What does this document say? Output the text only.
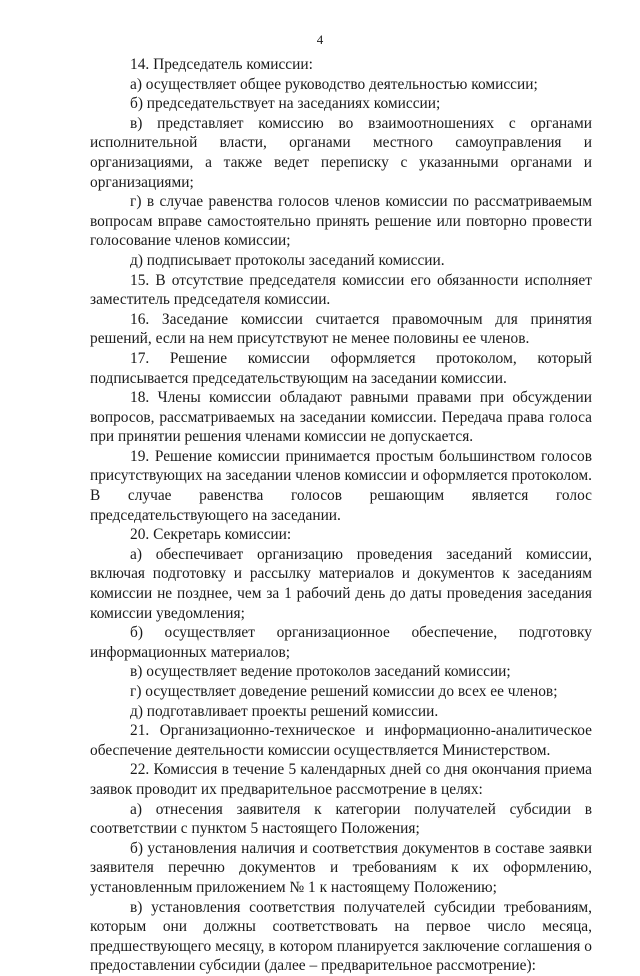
4

14. Председатель комиссии:

а) осуществляет общее руководство деятельностью комиссии;

б) председательствует на заседаниях комиссии;

в) представляет комиссию во взаимоотношениях с органами исполнительной власти, органами местного самоуправления и организациями, а также ведет переписку с указанными органами и организациями;

г) в случае равенства голосов членов комиссии по рассматриваемым вопросам вправе самостоятельно принять решение или повторно провести голосование членов комиссии;

д) подписывает протоколы заседаний комиссии.

15. В отсутствие председателя комиссии его обязанности исполняет заместитель председателя комиссии.

16. Заседание комиссии считается правомочным для принятия решений, если на нем присутствуют не менее половины ее членов.

17. Решение комиссии оформляется протоколом, который подписывается председательствующим на заседании комиссии.

18. Члены комиссии обладают равными правами при обсуждении вопросов, рассматриваемых на заседании комиссии. Передача права голоса при принятии решения членами комиссии не допускается.

19. Решение комиссии принимается простым большинством голосов присутствующих на заседании членов комиссии и оформляется протоколом. В случае равенства голосов решающим является голос председательствующего на заседании.

20. Секретарь комиссии:

а) обеспечивает организацию проведения заседаний комиссии, включая подготовку и рассылку материалов и документов к заседаниям комиссии не позднее, чем за 1 рабочий день до даты проведения заседания комиссии уведомления;

б) осуществляет организационное обеспечение, подготовку информационных материалов;

в) осуществляет ведение протоколов заседаний комиссии;

г) осуществляет доведение решений комиссии до всех ее членов;

д) подготавливает проекты решений комиссии.

21. Организационно-техническое и информационно-аналитическое обеспечение деятельности комиссии осуществляется Министерством.

22. Комиссия в течение 5 календарных дней со дня окончания приема заявок проводит их предварительное рассмотрение в целях:

а) отнесения заявителя к категории получателей субсидии в соответствии с пунктом 5 настоящего Положения;

б) установления наличия и соответствия документов в составе заявки заявителя перечню документов и требованиям к их оформлению, установленным приложением № 1 к настоящему Положению;

в) установления соответствия получателей субсидии требованиям, которым они должны соответствовать на первое число месяца, предшествующего месяцу, в котором планируется заключение соглашения о предоставлении субсидии (далее – предварительное рассмотрение):
